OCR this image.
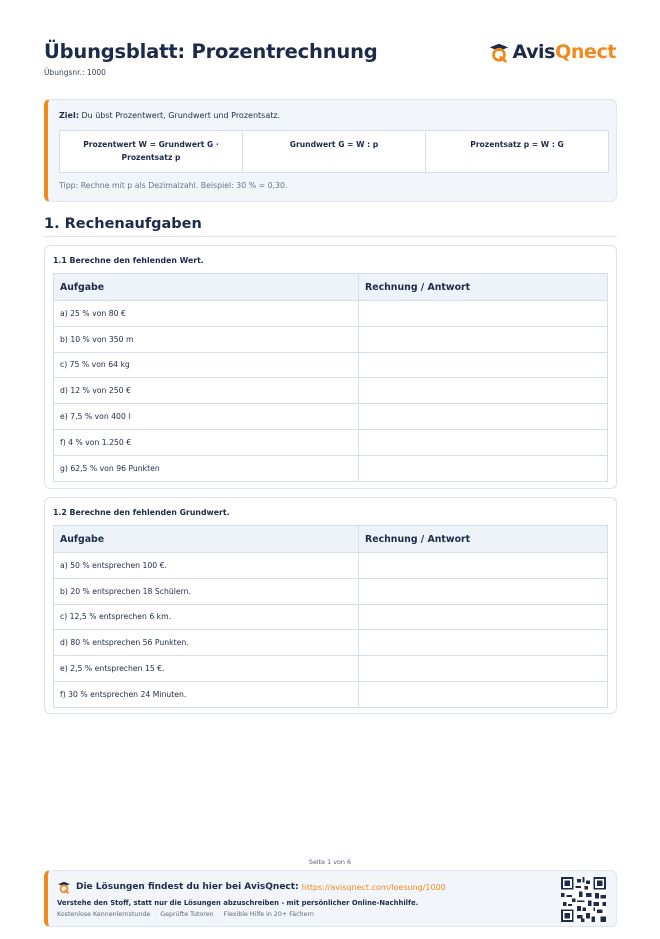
Übungsblatt: Prozentrechnung
Übungsnr.: 1000
AvisQnect
Ziel: Du übst Prozentwert, Grundwert und Prozentsatz.
Prozentwert W = Grundwert G · Prozentsatz p	Grundwert G = W : p	Prozentsatz p = W : G
Tipp: Rechne mit p als Dezimalzahl. Beispiel: 30 % = 0,30.
1. Rechenaufgaben
1.1 Berechne den fehlenden Wert.
Aufgabe	Rechnung / Antwort
a) 25 % von 80 €	
b) 10 % von 350 m	
c) 75 % von 64 kg	
d) 12 % von 250 €	
e) 7,5 % von 400 l	
f) 4 % von 1.250 €	
g) 62,5 % von 96 Punkten	
1.2 Berechne den fehlenden Grundwert.
Aufgabe	Rechnung / Antwort
a) 50 % entsprechen 100 €.	
b) 20 % entsprechen 18 Schülern.	
c) 12,5 % entsprechen 6 km.	
d) 80 % entsprechen 56 Punkten.	
e) 2,5 % entsprechen 15 €.	
f) 30 % entsprechen 24 Minuten.	
Seite 1 von 6
Die Lösungen findest du hier bei AvisQnect: https://avisqnect.com/loesung/1000
Verstehe den Stoff, statt nur die Lösungen abzuschreiben - mit persönlicher Online-Nachhilfe.
Kostenlose Kennenlernstunde · Geprüfte Tutoren · Flexible Hilfe in 20+ Fächern
